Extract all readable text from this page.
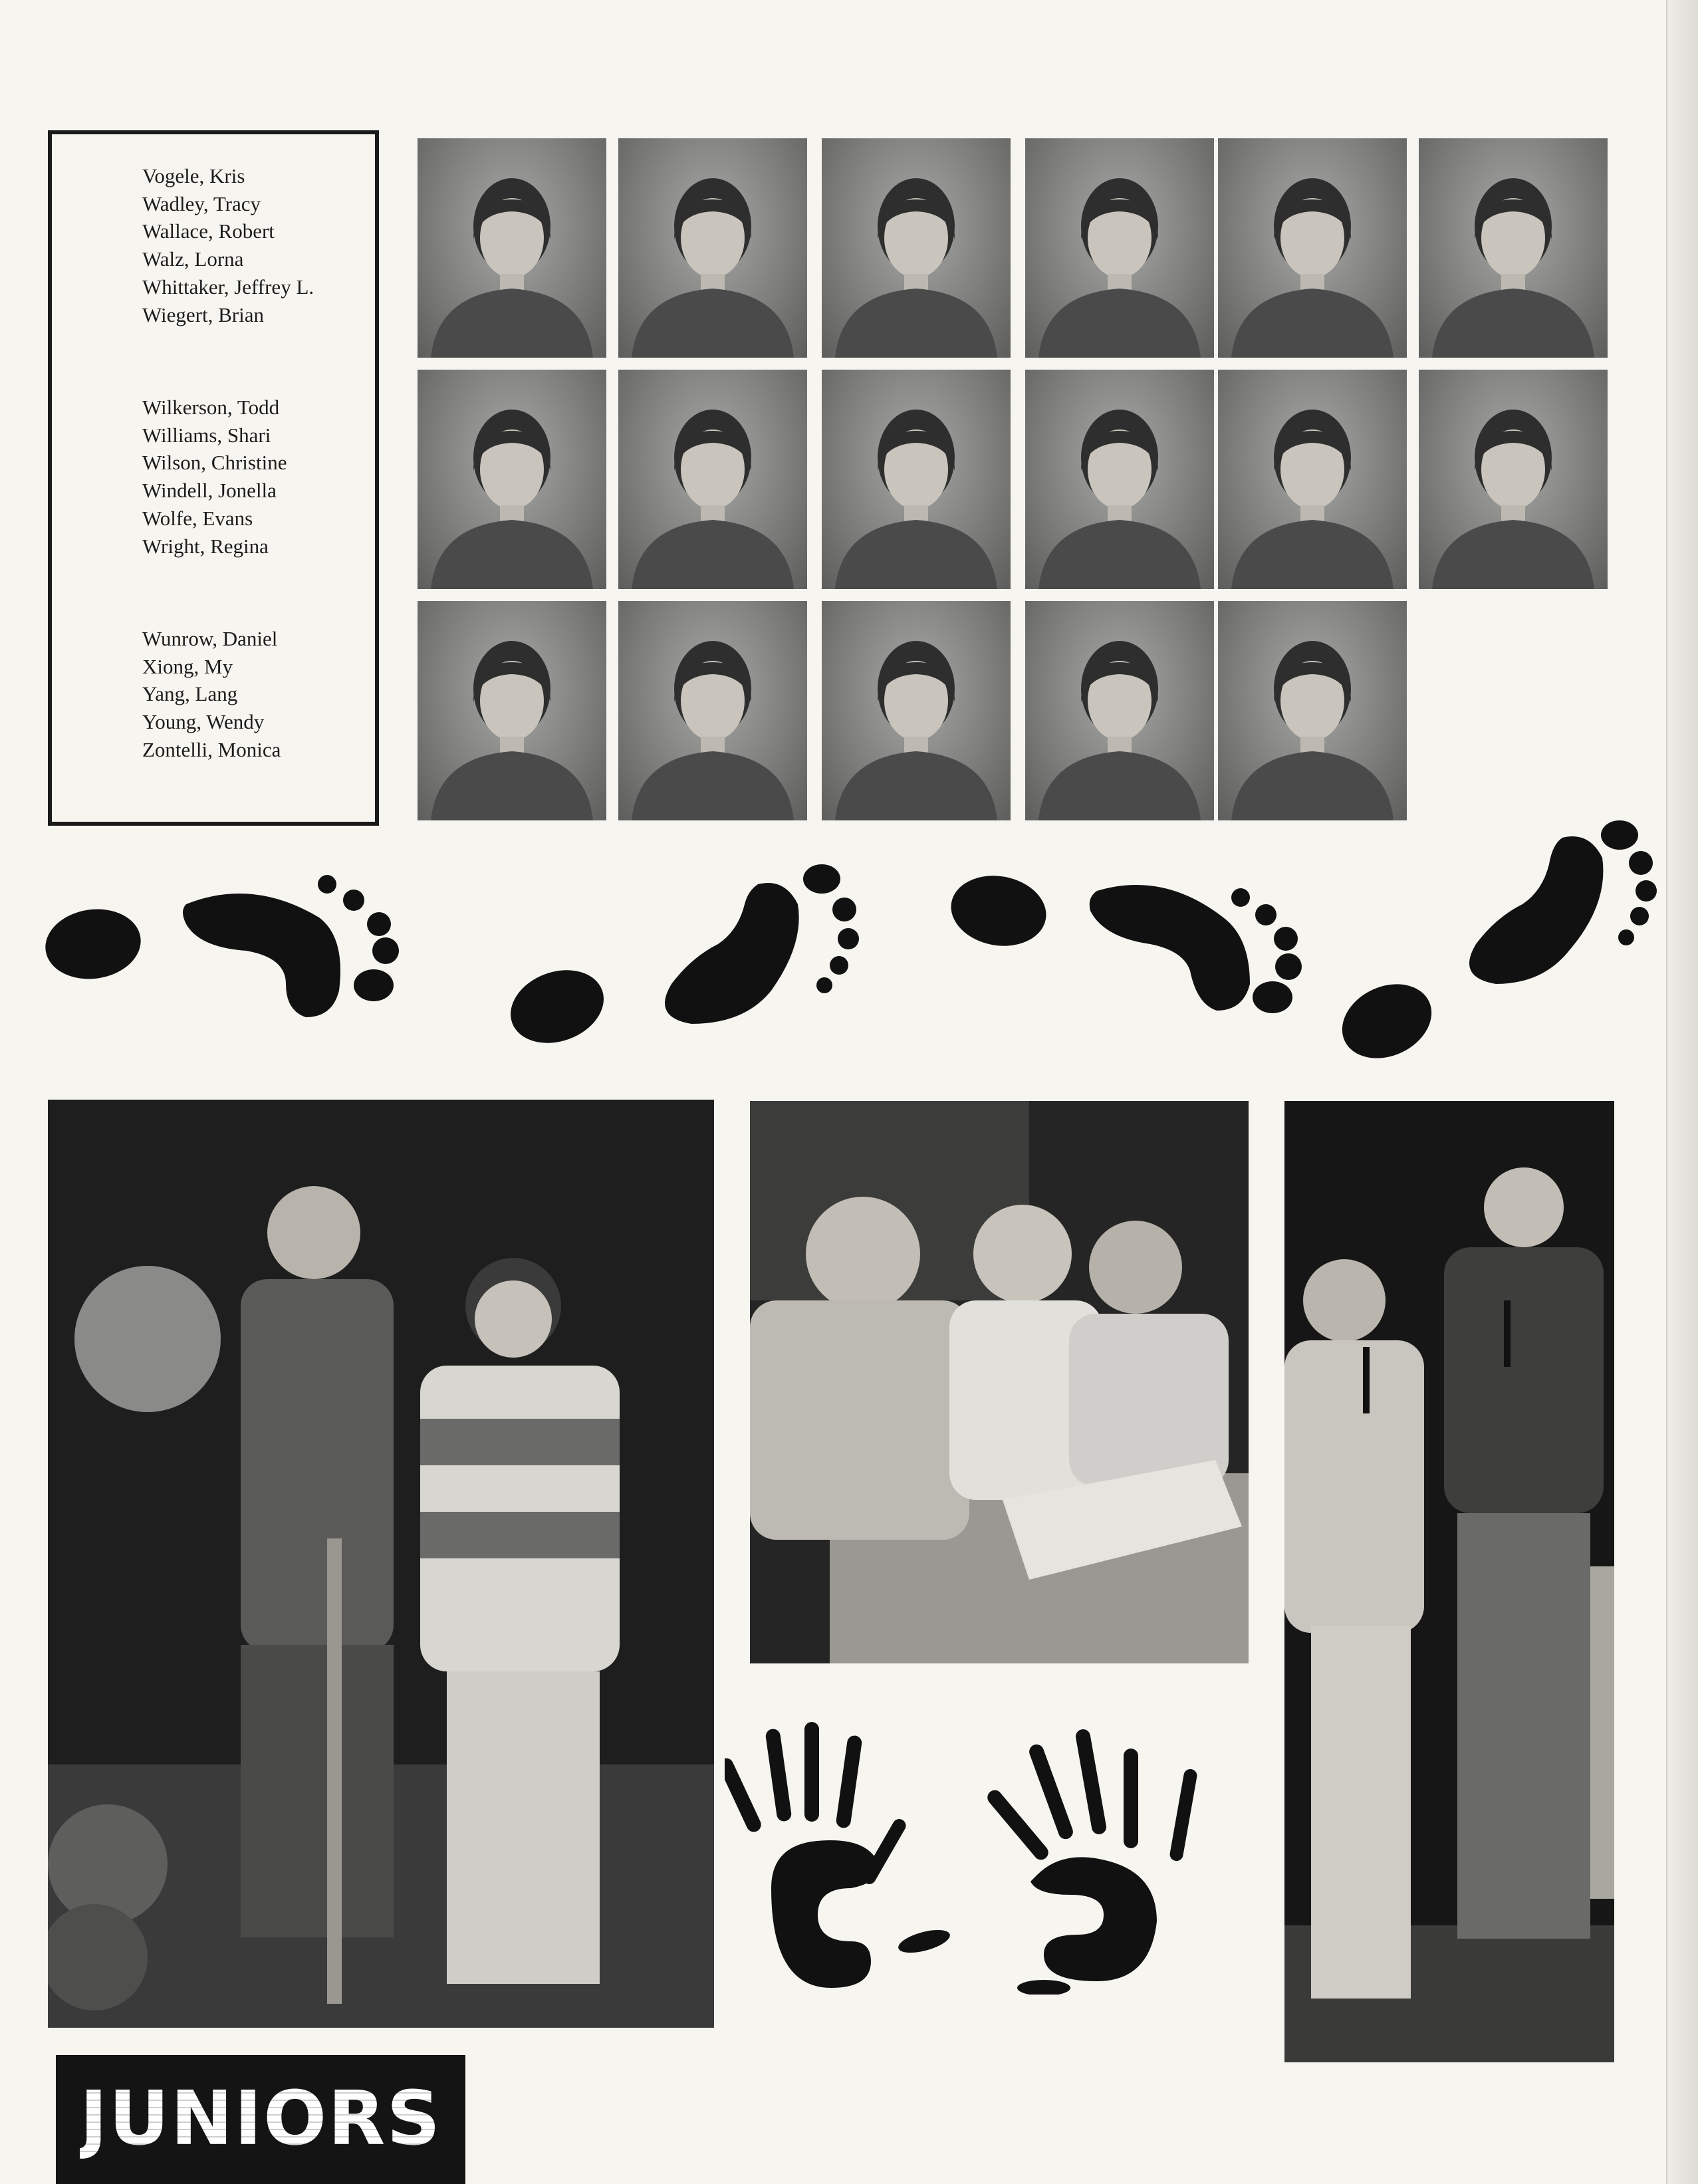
Vogele, Kris
Wadley, Tracy
Wallace, Robert
Walz, Lorna
Whittaker, Jeffrey L.
Wiegert, Brian
Wilkerson, Todd
Williams, Shari
Wilson, Christine
Windell, Jonella
Wolfe, Evans
Wright, Regina
Wunrow, Daniel
Xiong, My
Yang, Lang
Young, Wendy
Zontelli, Monica
JUNIORS
